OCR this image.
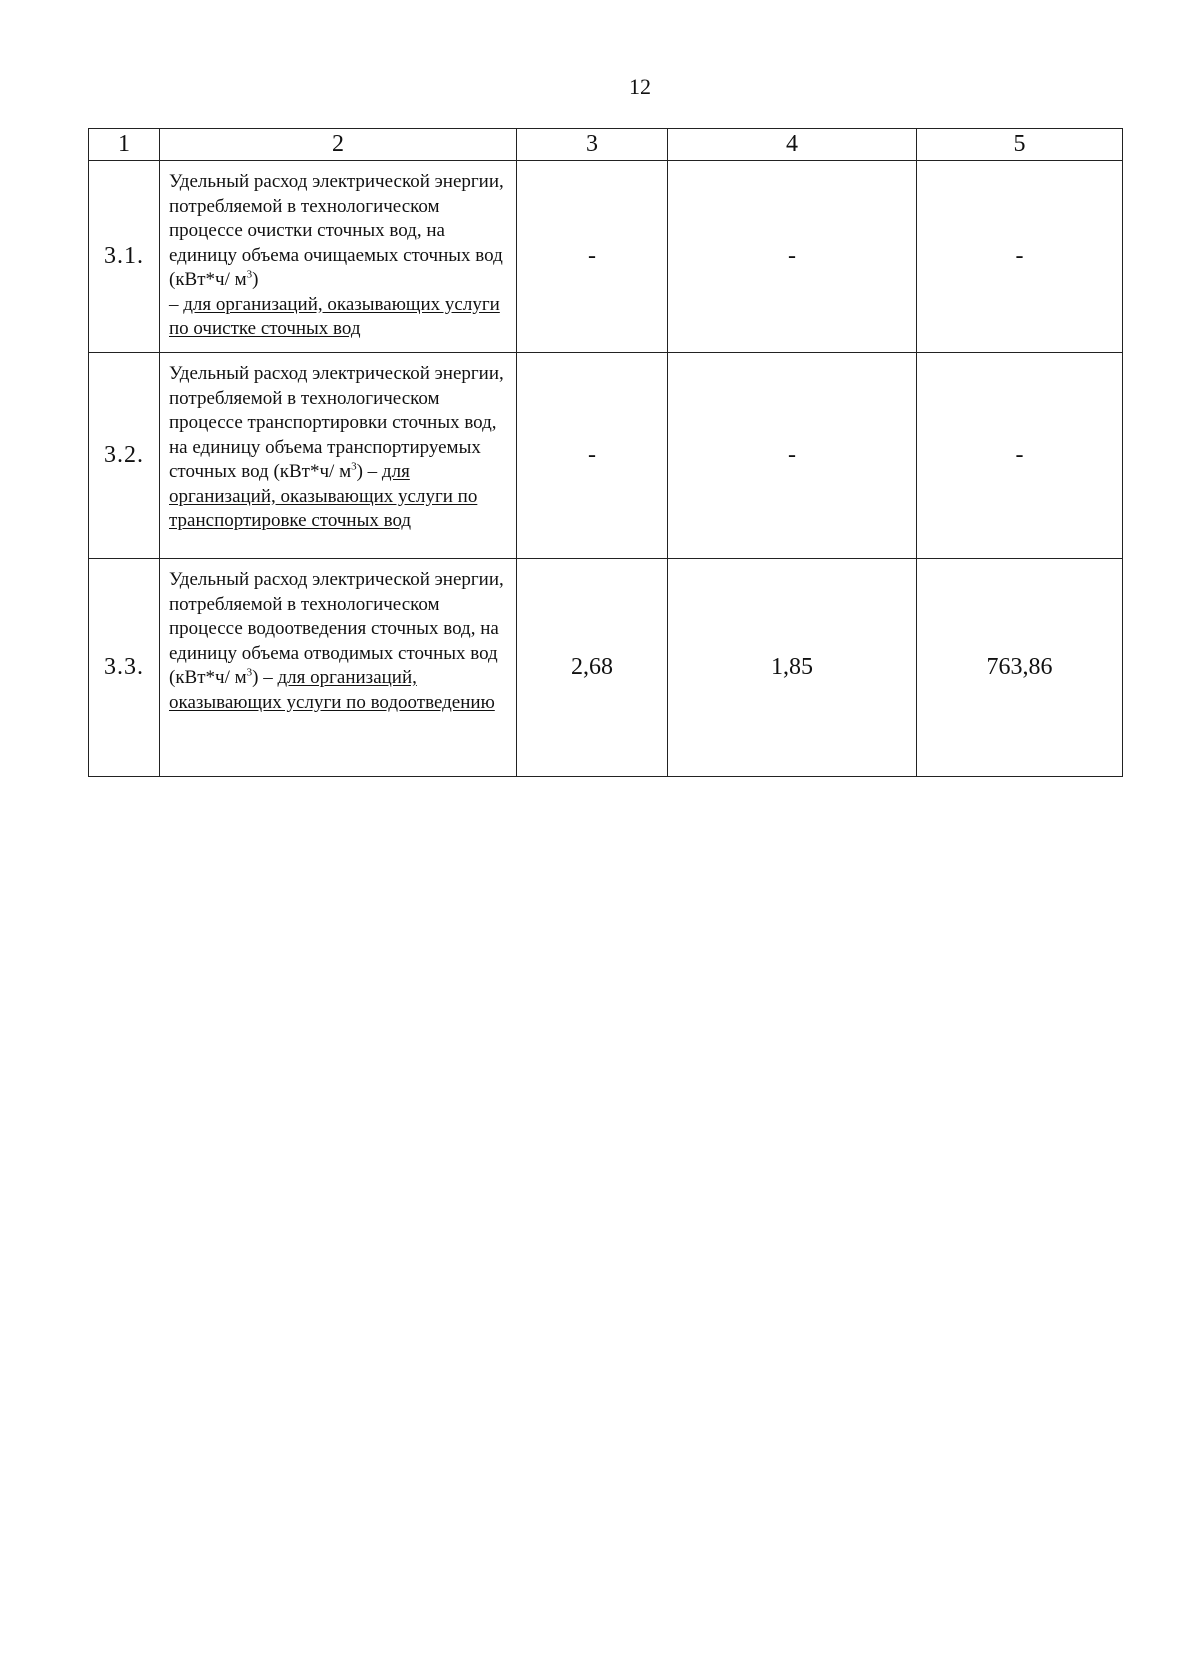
12
1	2	3	4	5
3.1.	Удельный расход электрической энергии, потребляемой в технологическом процессе очистки сточных вод, на единицу объема очищаемых сточных вод (кВт*ч/ $м^3$)
– для организаций, оказывающих услуги по очистке сточных вод	-	-	-
3.2.	Удельный расход электрической энергии, потребляемой в технологическом процессе транспортировки сточных вод, на единицу объема транспортируемых сточных вод (кВт*ч/ $м^3$) – для организаций, оказывающих услуги по транспортировке сточных вод	-	-	-
3.3.	Удельный расход электрической энергии, потребляемой в технологическом процессе водоотведения сточных вод, на единицу объема отводимых сточных вод (кВт*ч/ $м^3$) – для организаций, оказывающих услуги по водоотведению	2,68	1,85	763,86
